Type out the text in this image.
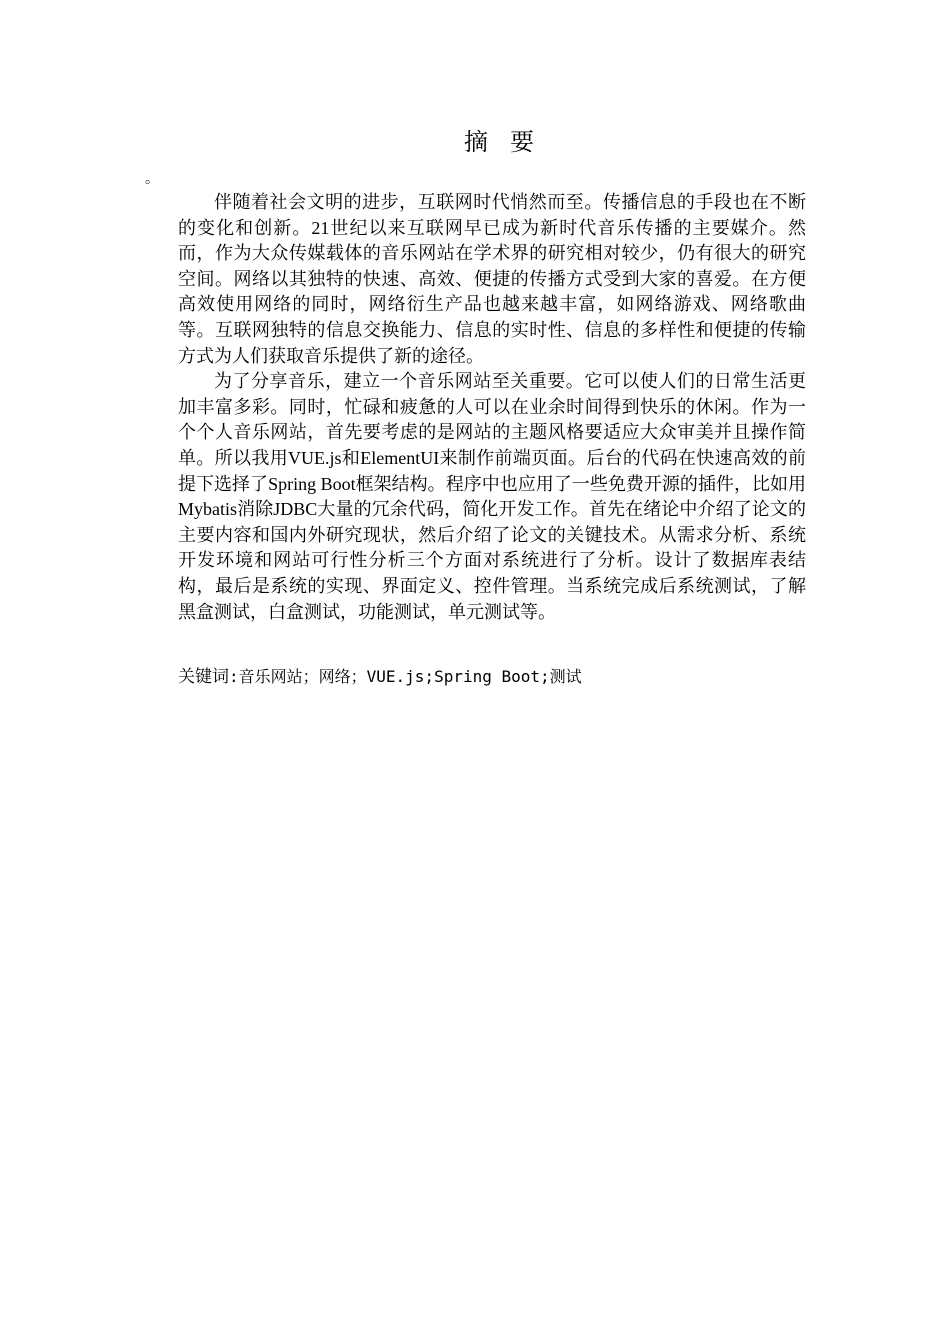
摘要
。

伴随着社会文明的进步，互联网时代悄然而至。传播信息的手段也在不断的变化和创新。21世纪以来互联网早已成为新时代音乐传播的主要媒介。然而，作为大众传媒载体的音乐网站在学术界的研究相对较少，仍有很大的研究空间。网络以其独特的快速、高效、便捷的传播方式受到大家的喜爱。在方便高效使用网络的同时，网络衍生产品也越来越丰富，如网络游戏、网络歌曲等。互联网独特的信息交换能力、信息的实时性、信息的多样性和便捷的传输方式为人们获取音乐提供了新的途径。

为了分享音乐，建立一个音乐网站至关重要。它可以使人们的日常生活更加丰富多彩。同时，忙碌和疲惫的人可以在业余时间得到快乐的休闲。作为一个个人音乐网站，首先要考虑的是网站的主题风格要适应大众审美并且操作简单。所以我用VUE.js和ElementUI来制作前端页面。后台的代码在快速高效的前提下选择了Spring Boot框架结构。程序中也应用了一些免费开源的插件，比如用Mybatis消除JDBC大量的冗余代码，简化开发工作。首先在绪论中介绍了论文的主要内容和国内外研究现状，然后介绍了论文的关键技术。从需求分析、系统开发环境和网站可行性分析三个方面对系统进行了分析。设计了数据库表结构，最后是系统的实现、界面定义、控件管理。当系统完成后系统测试，了解黑盒测试，白盒测试，功能测试，单元测试等。

关键词:音乐网站；网络；VUE.js;Spring Boot;测试
